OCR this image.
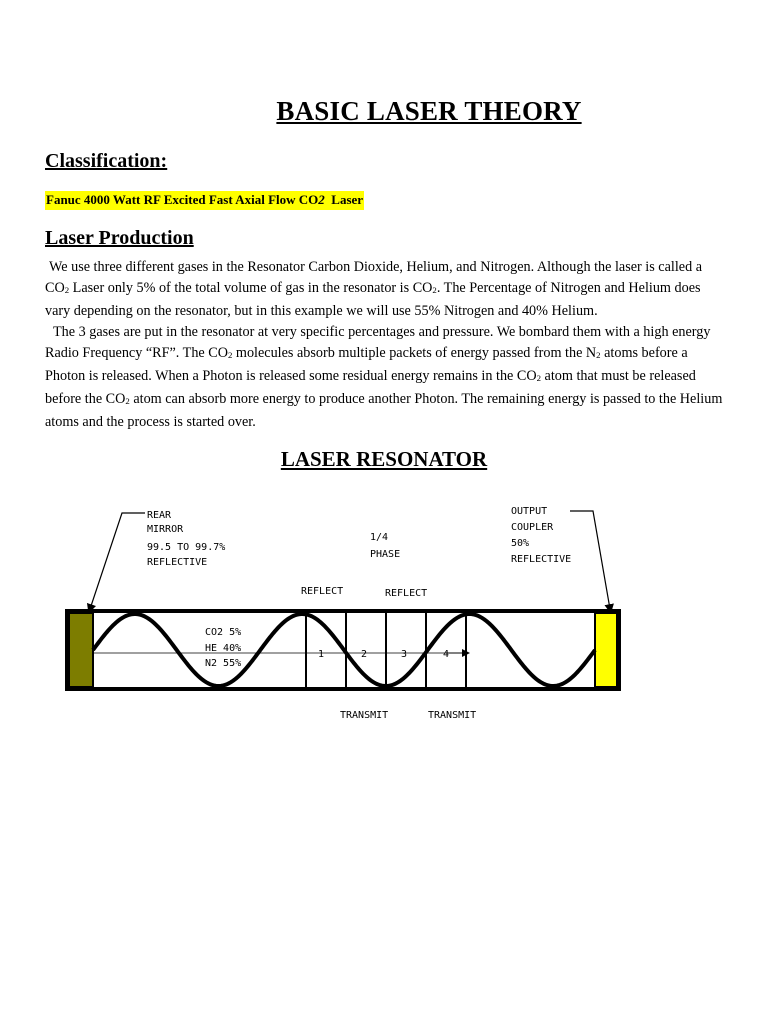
BASIC LASER THEORY
Classification:
Fanuc 4000 Watt RF Excited Fast Axial Flow CO2  Laser
Laser Production

We use three different gases in the Resonator Carbon Dioxide, Helium, and Nitrogen. Although the laser is called a CO2 Laser only 5% of the total volume of gas in the resonator is CO2. The Percentage of Nitrogen and Helium does vary depending on the resonator, but in this example we will use 55% Nitrogen and 40% Helium.

The 3 gases are put in the resonator at very specific percentages and pressure. We bombard them with a high energy Radio Frequency “RF”. The CO2 molecules absorb multiple packets of energy passed from the N2 atoms before a Photon is released. When a Photon is released some residual energy remains in the CO2 atom that must be released before the CO2 atom can absorb more energy to produce another Photon. The remaining energy is passed to the Helium atoms and the process is started over.

LASER RESONATOR
REAR MIRROR 99.5 TO 99.7% REFLECTIVE
OUTPUT COUPLER 50% REFLECTIVE
1/4 PHASE
REFLECT	REFLECT
TRANSMIT	TRANSMIT
CO2 5% HE 40% N2 55%
1	2	3	4
